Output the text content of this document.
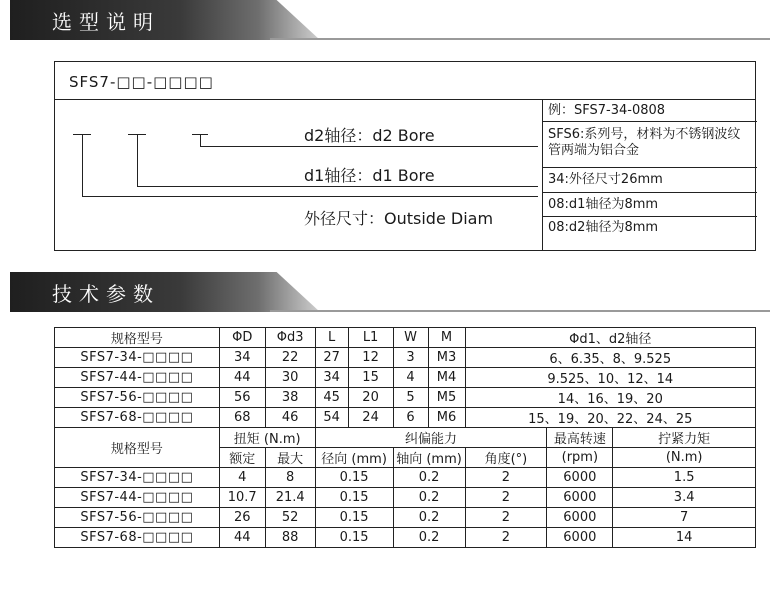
选型说明
SFS7-□□-□□□□
d2轴径：d2 Bore
d1轴径：d1 Bore
外径尺寸：Outside Diam
例：SFS7-34-0808
SFS6:系列号，材料为不锈钢波纹管两端为铝合金
34:外径尺寸26mm
08:d1轴径为8mm
08:d2轴径为8mm
技术参数
规格型号	ΦD	Φd3	L	L1	W	M	Φd1、d2轴径		
SFS7-34-□□□□	34	22	27	12	3	M3	6、6.35、8、9.525		
SFS7-44-□□□□	44	30	34	15	4	M4	9.525、10、12、14		
SFS7-56-□□□□	56	38	45	20	5	M5	14、16、19、20		
SFS7-68-□□□□	68	46	54	24	6	M6	15、19、20、22、24、25		
规格型号	扭矩 (N.m)		纠偏能力					最高转速	拧紧力矩
	额定	最大	径向 (mm)		轴向 (mm)		角度(°)	(rpm)	(N.m)
SFS7-34-□□□□	4	8	0.15		0.2		2	6000	1.5
SFS7-44-□□□□	10.7	21.4	0.15		0.2		2	6000	3.4
SFS7-56-□□□□	26	52	0.15		0.2		2	6000	7
SFS7-68-□□□□	44	88	0.15		0.2		2	6000	14
